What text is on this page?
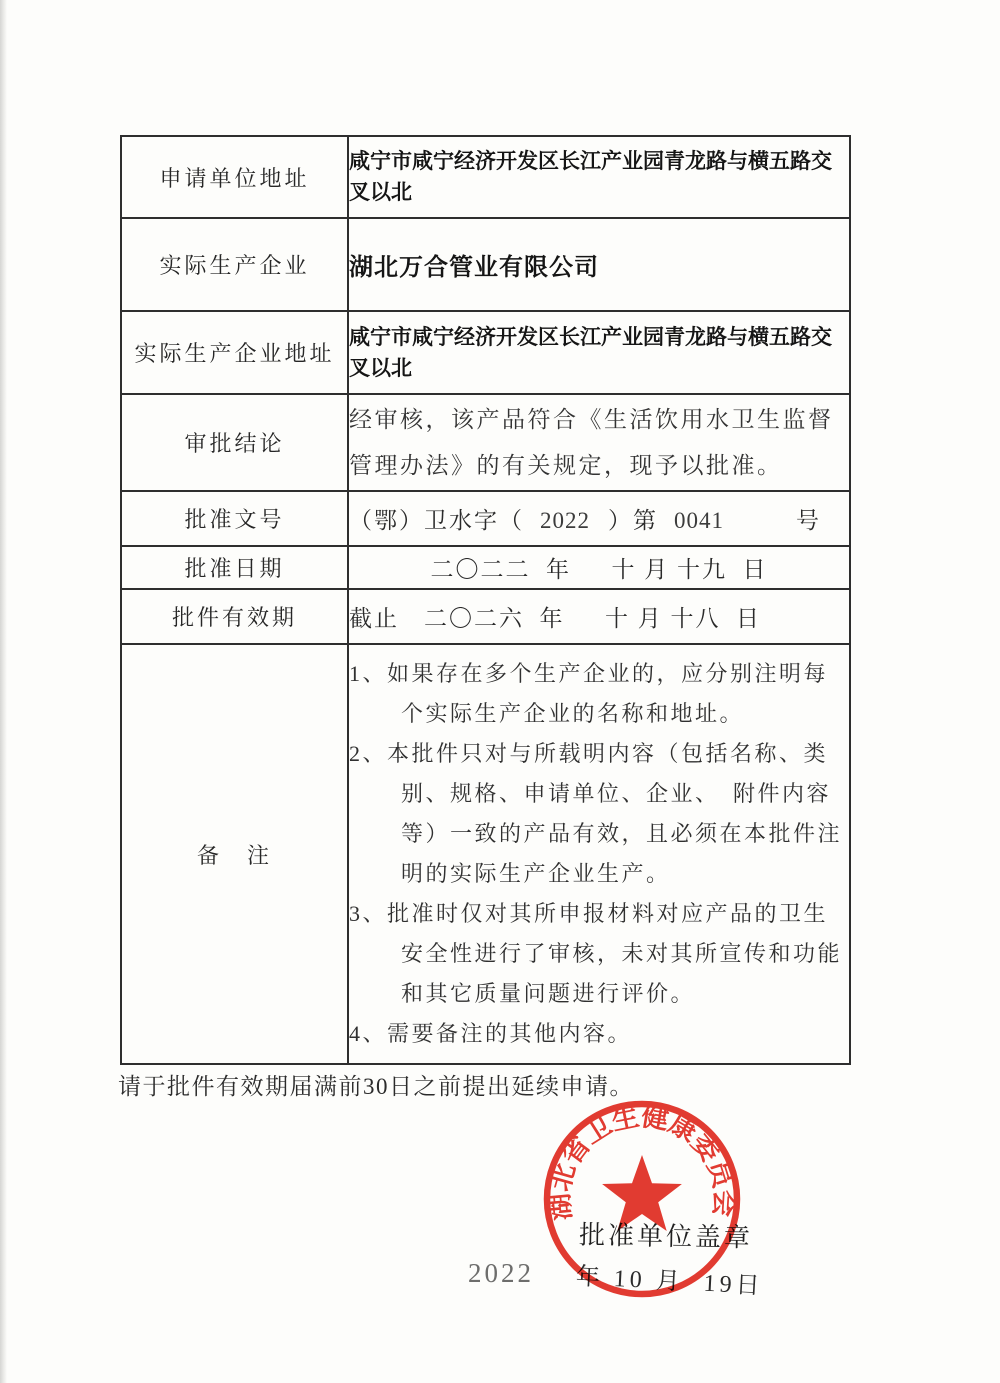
申请单位地址	咸宁市咸宁经济开发区长江产业园青龙路与横五路交叉以北
实际生产企业	湖北万合管业有限公司
实际生产企业地址	咸宁市咸宁经济开发区长江产业园青龙路与横五路交叉以北
审批结论	经审核，该产品符合《生活饮用水卫生监督管理办法》的有关规定，现予以批准。
批准文号	（鄂）卫水字（ 2022 ）第 0041 号

批准日期	二〇二二  年　  十 月 十九  日
批件有效期	截止　二〇二六  年　  十 月 十八  日
备　注	1、如果存在多个生产企业的，应分别注明每个实际生产企业的名称和地址。
2、本批件只对与所载明内容（包括名称、类别、规格、申请单位、企业、　附件内容等）一致的产品有效，且必须在本批件注明的实际生产企业生产。
3、批准时仅对其所申报材料对应产品的卫生安全性进行了审核，未对其所宣传和功能和其它质量问题进行评价。
4、需要备注的其他内容。
请于批件有效期届满前30日之前提出延续申请。
湖北省卫生健康委员会
批准单位盖章
2022 年 10 月  19日
